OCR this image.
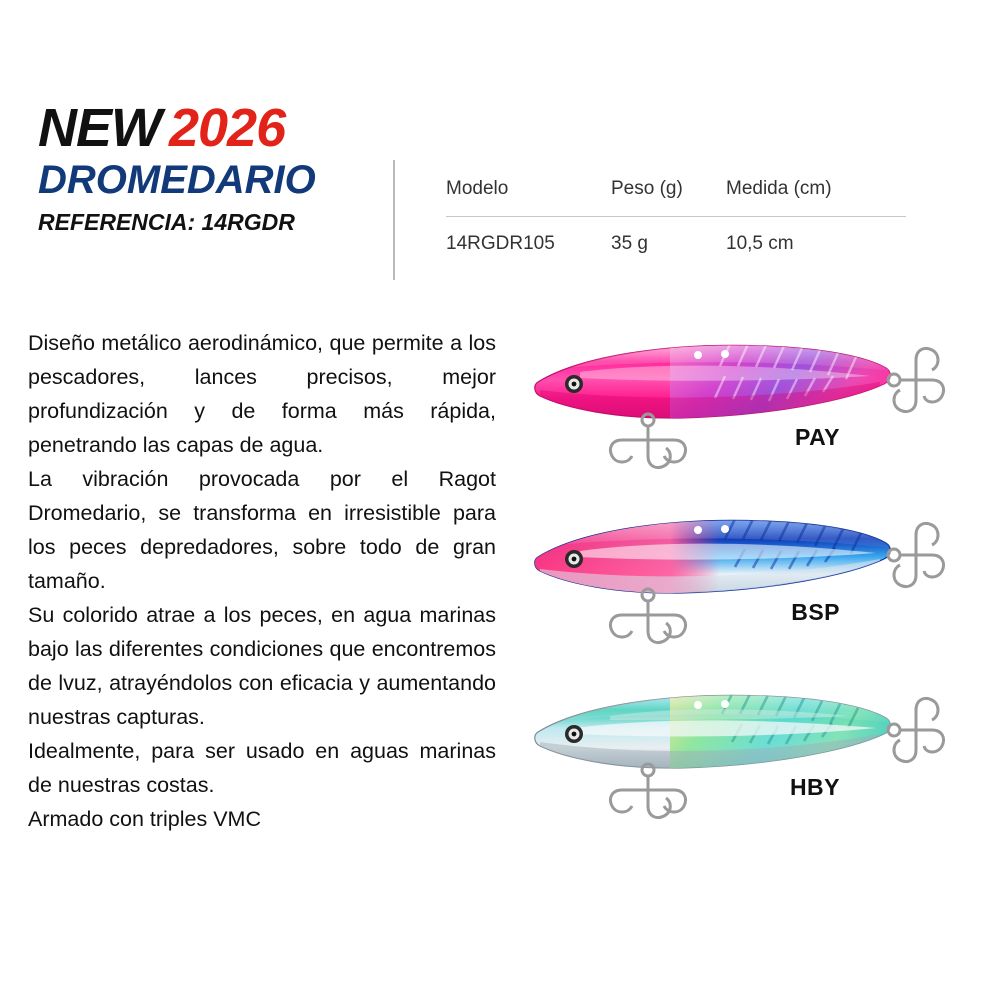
NEW 2026
DROMEDARIO
REFERENCIA: 14RGDR
Modelo	Peso (g)	Medida (cm)
14RGDR105	35 g	10,5 cm

Diseño metálico aerodinámico, que permite a los pescadores, lances precisos, mejor profundización y de forma más rápida, penetrando las capas de agua.

La vibración provocada por el Ragot Dromedario, se transforma en irresistible para los peces depredadores, sobre todo de gran tamaño.

Su colorido atrae a los peces, en agua marinas bajo las diferentes condiciones que encontremos de lvuz, atrayéndolos con eficacia y aumentando nuestras capturas.

Idealmente, para ser usado en aguas marinas de nuestras costas.

Armado con triples VMC

PAY
BSP
HBY
